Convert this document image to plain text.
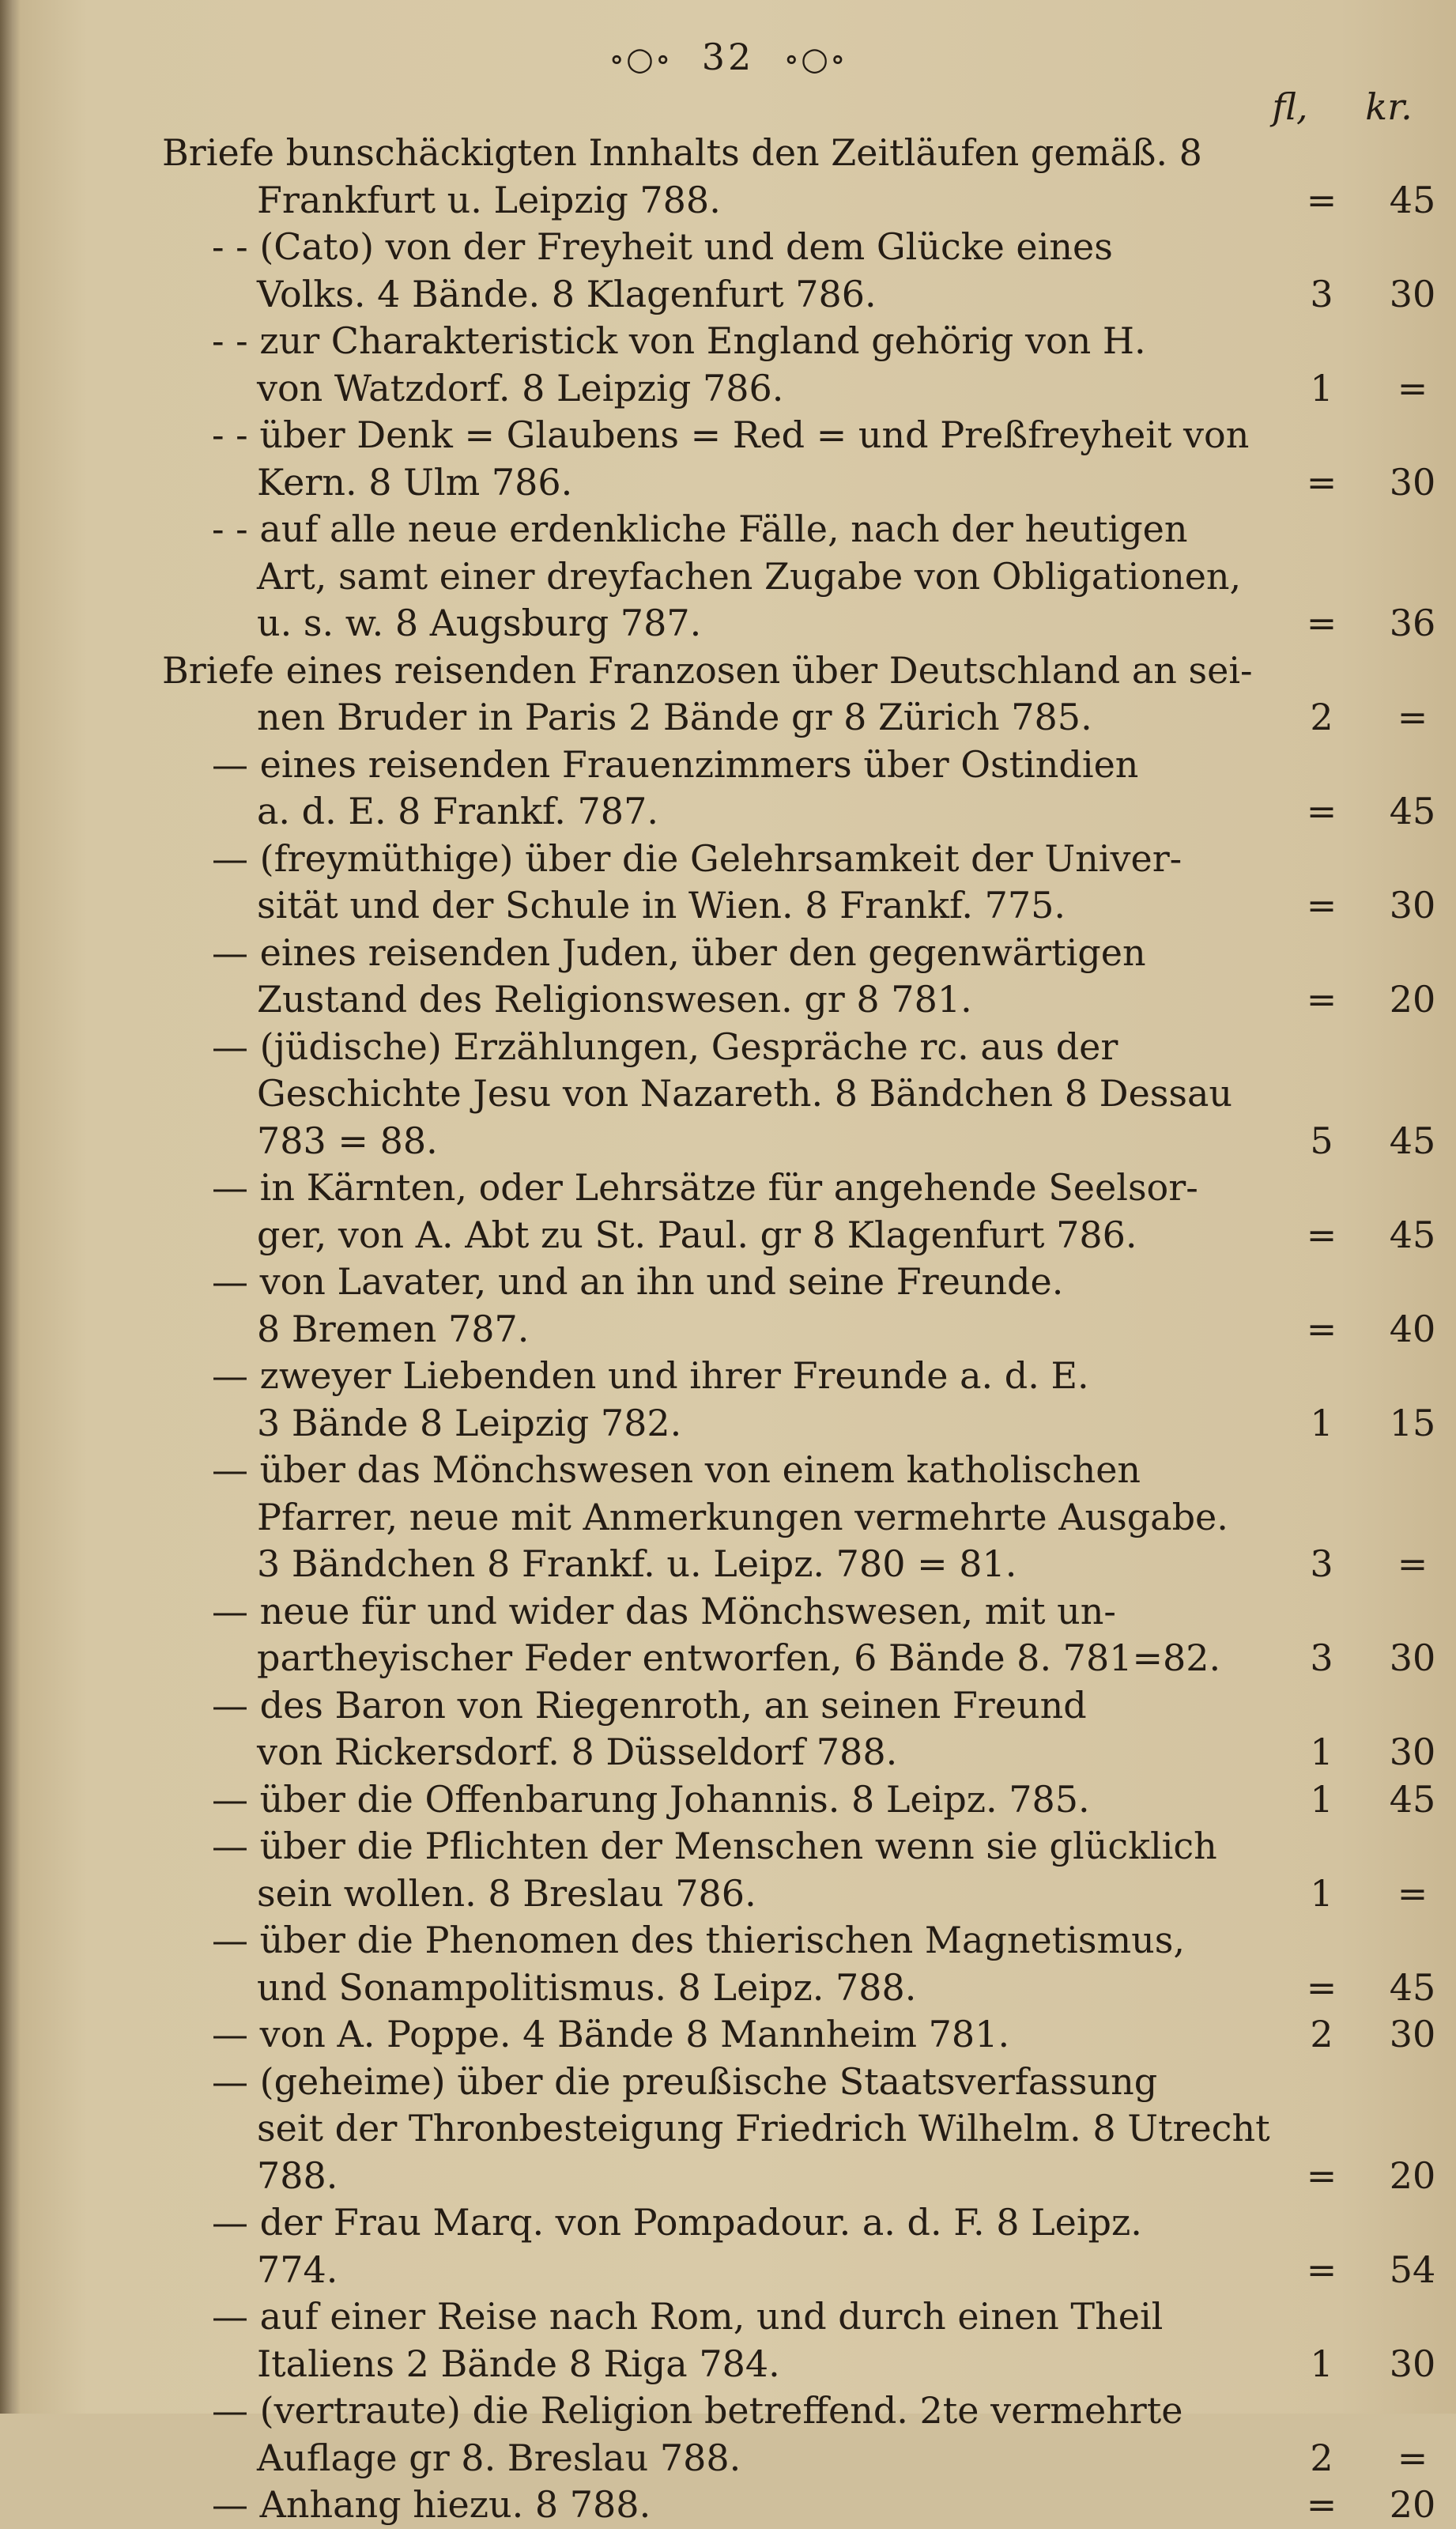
∘○∘ 32 ∘○∘
fl,	kr.
Briefe bunschäckigten Innhalts den Zeitläufen gemäß. 8
Frankfurt u. Leipzig 788.	=	45
- - (Cato) von der Freyheit und dem Glücke eines
Volks. 4 Bände. 8 Klagenfurt 786.	3	30
- - zur Charakteristick von England gehörig von H.
von Watzdorf. 8 Leipzig 786.	1	=
- - über Denk = Glaubens = Red = und Preßfreyheit von
Kern. 8 Ulm 786.	=	30
- - auf alle neue erdenkliche Fälle, nach der heutigen
Art, samt einer dreyfachen Zugabe von Obligationen,
u. s. w. 8 Augsburg 787.	=	36
Briefe eines reisenden Franzosen über Deutschland an sei-
nen Bruder in Paris 2 Bände gr 8 Zürich 785.	2	=
— eines reisenden Frauenzimmers über Ostindien
a. d. E. 8 Frankf. 787.	=	45
— (freymüthige) über die Gelehrsamkeit der Univer-
sität und der Schule in Wien. 8 Frankf. 775.	=	30
— eines reisenden Juden, über den gegenwärtigen
Zustand des Religionswesen. gr 8 781.	=	20
— (jüdische) Erzählungen, Gespräche rc. aus der
Geschichte Jesu von Nazareth. 8 Bändchen 8 Dessau
783 = 88.	5	45
— in Kärnten, oder Lehrsätze für angehende Seelsor-
ger, von A. Abt zu St. Paul. gr 8 Klagenfurt 786.	=	45
— von Lavater, und an ihn und seine Freunde.
8 Bremen 787.	=	40
— zweyer Liebenden und ihrer Freunde a. d. E.
3 Bände 8 Leipzig 782.	1	15
— über das Mönchswesen von einem katholischen
Pfarrer, neue mit Anmerkungen vermehrte Ausgabe.
3 Bändchen 8 Frankf. u. Leipz. 780 = 81.	3	=
— neue für und wider das Mönchswesen, mit un-
partheyischer Feder entworfen, 6 Bände 8. 781=82.	3	30
— des Baron von Riegenroth, an seinen Freund
von Rickersdorf. 8 Düsseldorf 788.	1	30
— über die Offenbarung Johannis. 8 Leipz. 785.	1	45
— über die Pflichten der Menschen wenn sie glücklich
sein wollen. 8 Breslau 786.	1	=
— über die Phenomen des thierischen Magnetismus,
und Sonampolitismus. 8 Leipz. 788.	=	45
— von A. Poppe. 4 Bände 8 Mannheim 781.	2	30
— (geheime) über die preußische Staatsverfassung
seit der Thronbesteigung Friedrich Wilhelm. 8 Utrecht
788.	=	20
— der Frau Marq. von Pompadour. a. d. F. 8 Leipz.
774.	=	54
— auf einer Reise nach Rom, und durch einen Theil
Italiens 2 Bände 8 Riga 784.	1	30
— (vertraute) die Religion betreffend. 2te vermehrte
Auflage gr 8. Breslau 788.	2	=
— Anhang hiezu. 8 788.	=	20
